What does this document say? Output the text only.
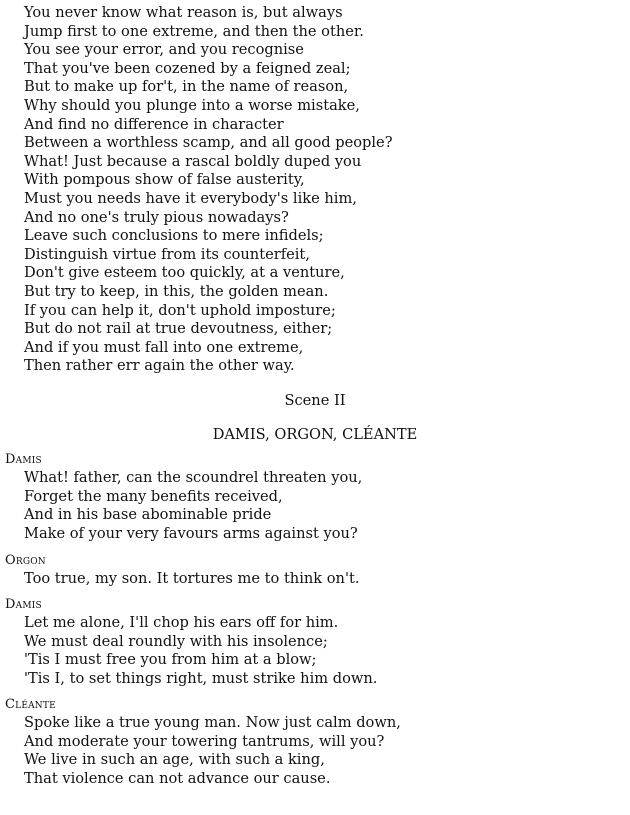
You never know what reason is, but always
Jump first to one extreme, and then the other.
You see your error, and you recognise
That you've been cozened by a feigned zeal;
But to make up for't, in the name of reason,
Why should you plunge into a worse mistake,
And find no difference in character
Between a worthless scamp, and all good people?
What! Just because a rascal boldly duped you
With pompous show of false austerity,
Must you needs have it everybody's like him,
And no one's truly pious nowadays?
Leave such conclusions to mere infidels;
Distinguish virtue from its counterfeit,
Don't give esteem too quickly, at a venture,
But try to keep, in this, the golden mean.
If you can help it, don't uphold imposture;
But do not rail at true devoutness, either;
And if you must fall into one extreme,
Then rather err again the other way.
Scene II
DAMIS, ORGON, CLÉANTE
Damis
What! father, can the scoundrel threaten you,
Forget the many benefits received,
And in his base abominable pride
Make of your very favours arms against you?
Orgon
Too true, my son. It tortures me to think on't.
Damis
Let me alone, I'll chop his ears off for him.
We must deal roundly with his insolence;
'Tis I must free you from him at a blow;
'Tis I, to set things right, must strike him down.
Cléante
Spoke like a true young man. Now just calm down,
And moderate your towering tantrums, will you?
We live in such an age, with such a king,
That violence can not advance our cause.
